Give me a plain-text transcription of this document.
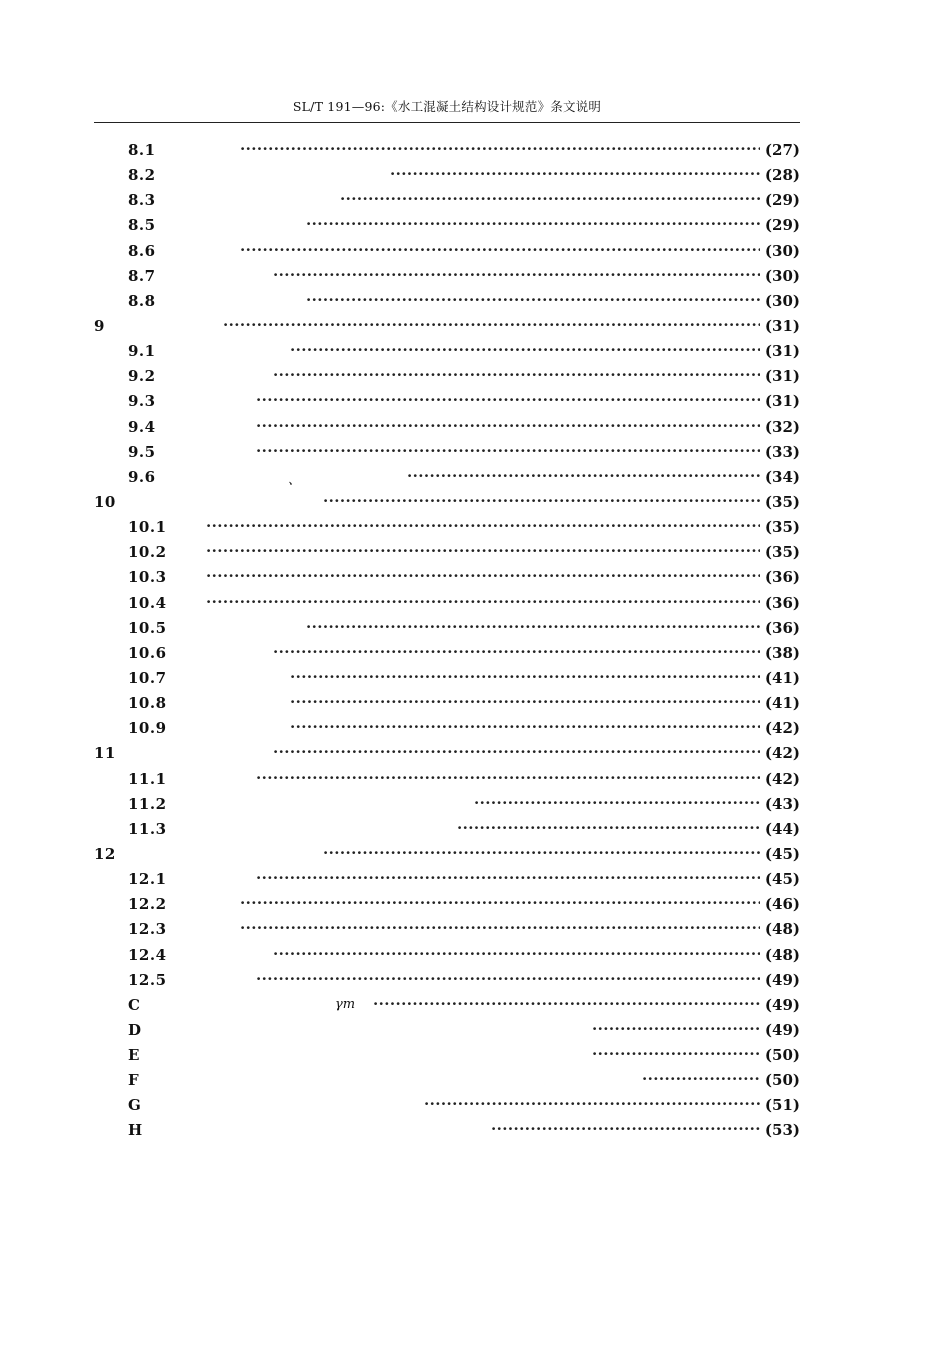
SL/T 191—96:《水工混凝土结构设计规范》条文说明
8.1 ·····	(27)
8.2 ·····	(28)
8.3 ·····	(29)
8.5 ·····	(29)
8.6 ·····	(30)
8.7 ·····	(30)
8.8 ·····	(30)
9 ·····	(31)
9.1 ·····	(31)
9.2 ·····	(31)
9.3 ·····	(31)
9.4 ·····	(32)
9.5 ·····	(33)
9.6	、 ·····	(34)
10 ·····	(35)
10.1 ·····	(35)
10.2 ·····	(35)
10.3 ·····	(36)
10.4 ·····	(36)
10.5 ·····	(36)
10.6 ·····	(38)
10.7 ·····	(41)
10.8 ·····	(41)
10.9 ·····	(42)
11 ·····	(42)
11.1 ·····	(42)
11.2 ·····	(43)
11.3 ·····	(44)
12 ·····	(45)
12.1 ·····	(45)
12.2 ·····	(46)
12.3 ·····	(48)
12.4 ·····	(48)
12.5 ·····	(49)
C	γm ·····	(49)
D ·····	(49)
E ·····	(50)
F ·····	(50)
G ·····	(51)
H ·····	(53)
